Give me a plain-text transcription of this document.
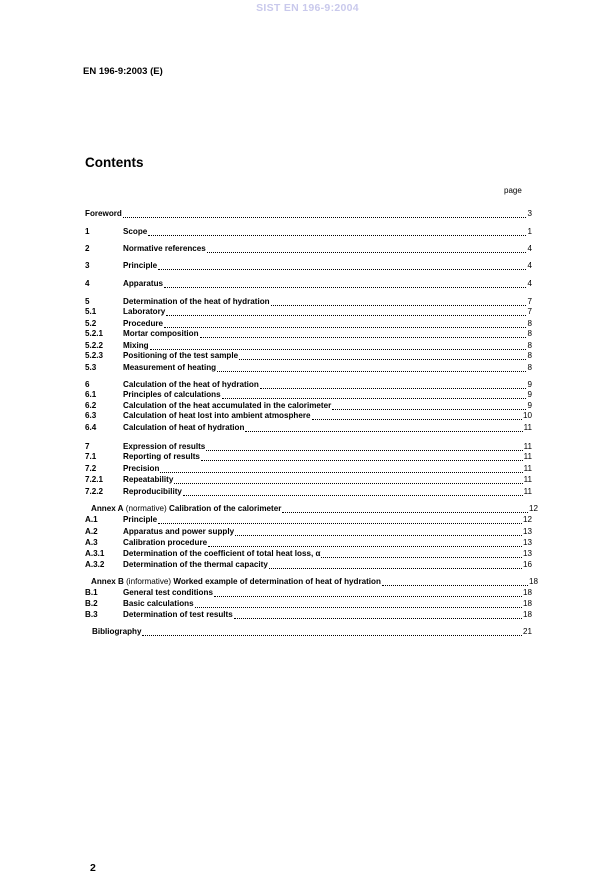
SIST EN 196-9:2004
EN 196-9:2003 (E)
Contents
page
Foreword	3
1	Scope	1
2	Normative references	4
3	Principle	4
4	Apparatus	4
5	Determination of the heat of hydration	7
5.1	Laboratory	7
5.2	Procedure	8
5.2.1	Mortar composition	8
5.2.2	Mixing	8
5.2.3	Positioning of the test sample	8
5.3	Measurement of heating	8
6	Calculation of the heat of hydration	9
6.1	Principles of calculations	9
6.2	Calculation of the heat accumulated in the calorimeter	9
6.3	Calculation of heat lost into ambient atmosphere	10
6.4	Calculation of heat of hydration	11
7	Expression of results	11
7.1	Reporting of results	11
7.2	Precision	11
7.2.1	Repeatability	11
7.2.2	Reproducibility	11
Annex A (normative) Calibration of the calorimeter	12
A.1	Principle	12
A.2	Apparatus and power supply	13
A.3	Calibration procedure	13
A.3.1	Determination of the coefficient of total heat loss, α	13
A.3.2	Determination of the thermal capacity	16
Annex B (informative) Worked example of determination of heat of hydration	18
B.1	General test conditions	18
B.2	Basic calculations	18
B.3	Determination of test results	18
Bibliography	21
2
